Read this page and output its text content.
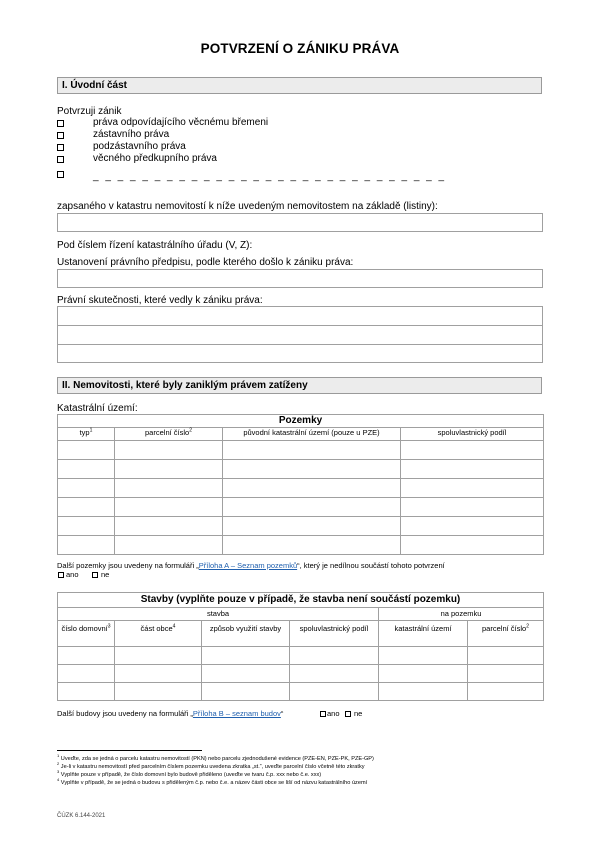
POTVRZENÍ O ZÁNIKU PRÁVA
I. Úvodní část
Potvrzuji zánik
práva odpovídajícího věcnému břemeni
zástavního práva
podzástavního práva
věcného předkupního práva
_ _ _ _ _ _ _ _ _ _ _ _ _ _ _ _ _ _ _ _ _ _ _ _ _ _ _ _ _
zapsaného v katastru nemovitostí k níže uvedeným nemovitostem na základě (listiny):
Pod číslem řízení katastrálního úřadu (V, Z):
Ustanovení právního předpisu, podle kterého došlo k zániku práva:
Právní skutečnosti, které vedly k zániku práva:
II. Nemovitosti, které byly zaniklým právem zatíženy
Katastrální území:
Pozemky			
typ$^1$	parcelní číslo$^2$	původní katastrální území (pouze u PZE)	spoluvlastnický podíl

Další pozemky jsou uvedeny na formuláři „Příloha A – Seznam pozemků“, který je nedílnou součástí tohoto potvrzení
ano	ne
Stavby (vyplňte pouze v případě, že stavba není součástí pozemku)					
stavba				na pozemku	
číslo domovní$^3$	část obce$^4$	způsob využití stavby	spoluvlastnický podíl	katastrální území	parcelní číslo$^2$

Další budovy jsou uvedeny na formuláři „Příloha B – seznam budov“	ano ne
$^1$ Uveďte, zda se jedná o parcelu katastru nemovitostí (PKN) nebo parcelu zjednodušené evidence (PZE-EN, PZE-PK, PZE-GP)
$^2$ Je-li v katastru nemovitostí před parcelním číslem pozemku uvedena zkratka „st.“, uveďte parcelní číslo včetně této zkratky
$^3$ Vyplňte pouze v případě, že číslo domovní bylo budově přiděleno (uveďte ve tvaru č.p. xxx nebo č.e. xxx)
$^4$ Vyplňte v případě, že se jedná o budovu s přiděleným č.p. nebo č.e. a název části obce se liší od názvu katastrálního území
ČÚZK 6.144-2021
